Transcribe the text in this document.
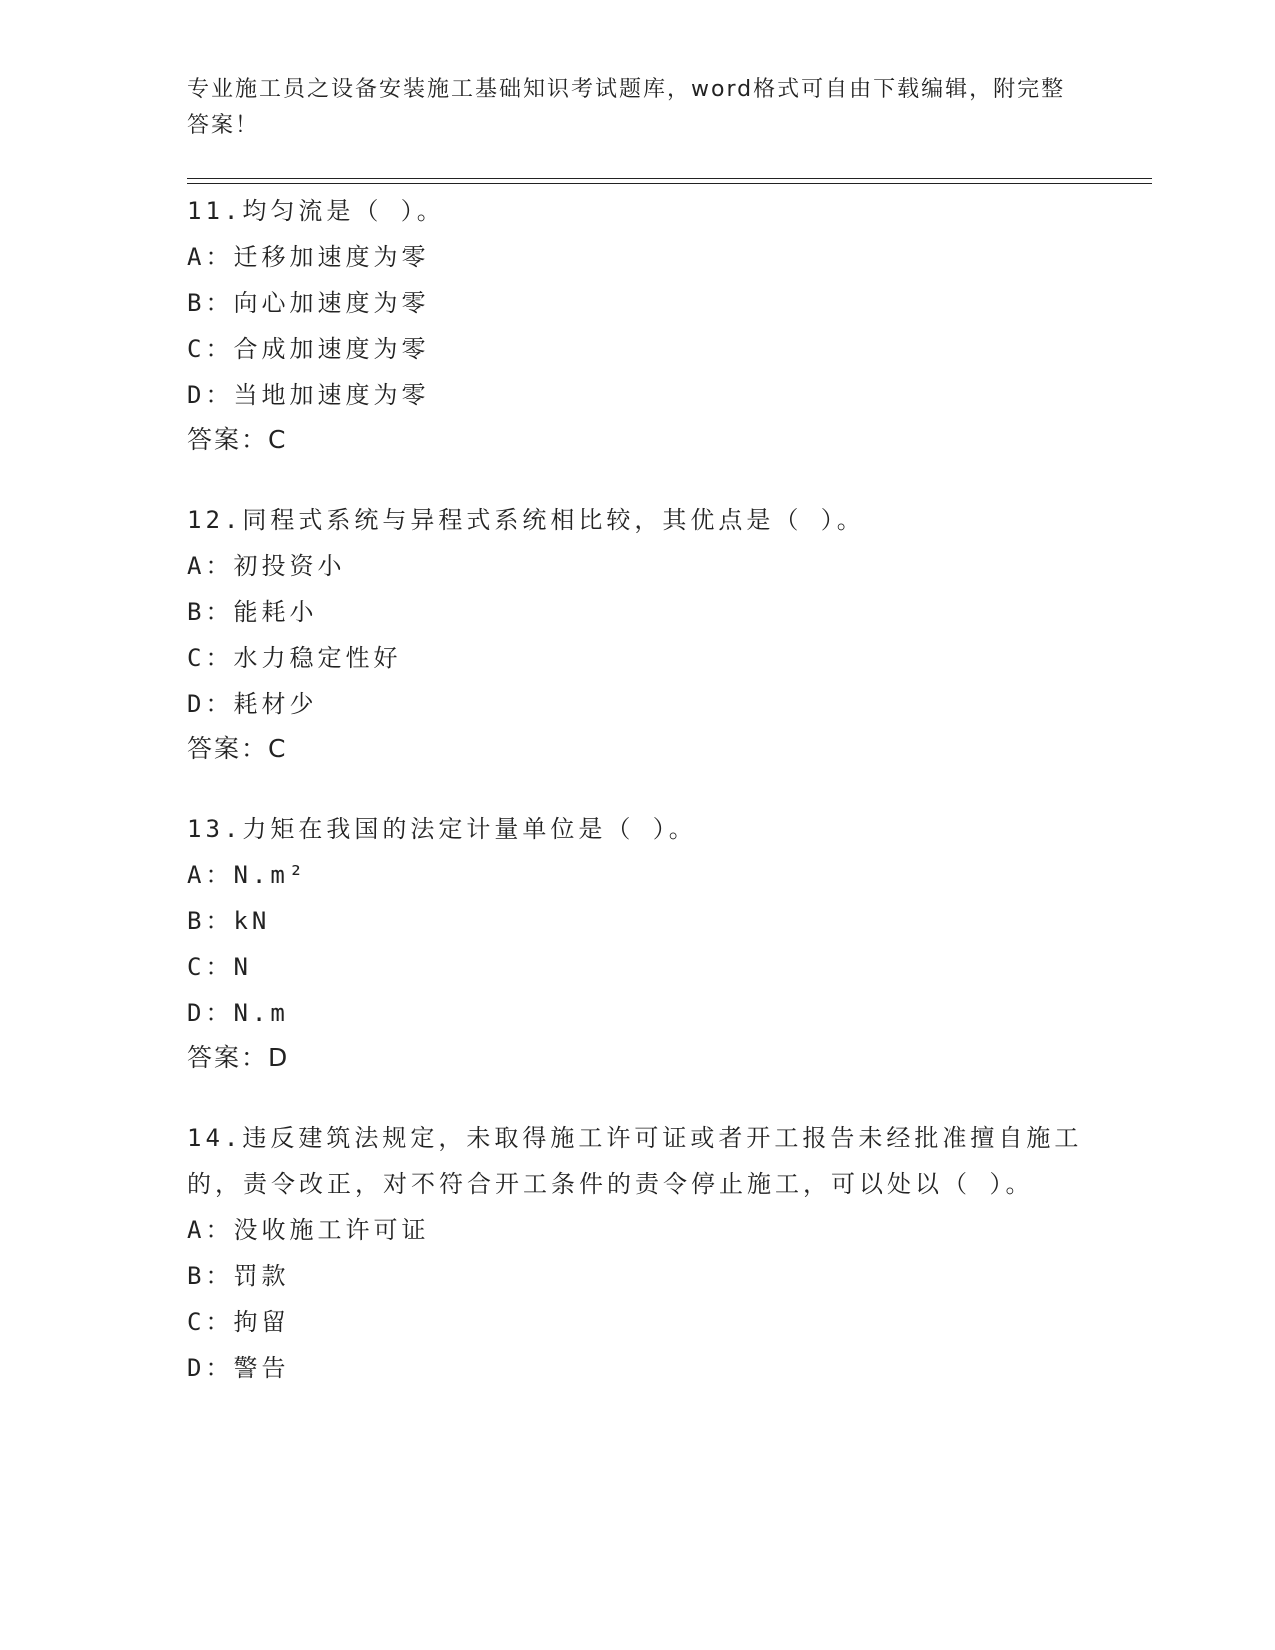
专业施工员之设备安装施工基础知识考试题库，word格式可自由下载编辑，附完整答案！
11.均匀流是（ ）。
A：迁移加速度为零
B：向心加速度为零
C：合成加速度为零
D：当地加速度为零
答案：C
12.同程式系统与异程式系统相比较，其优点是（ ）。
A：初投资小
B：能耗小
C：水力稳定性好
D：耗材少
答案：C
13.力矩在我国的法定计量单位是（ ）。
A：N.m²
B：kN
C：N
D：N.m
答案：D
14.违反建筑法规定，未取得施工许可证或者开工报告未经批准擅自施工的，责令改正，对不符合开工条件的责令停止施工，可以处以（ ）。
A：没收施工许可证
B：罚款
C：拘留
D：警告
